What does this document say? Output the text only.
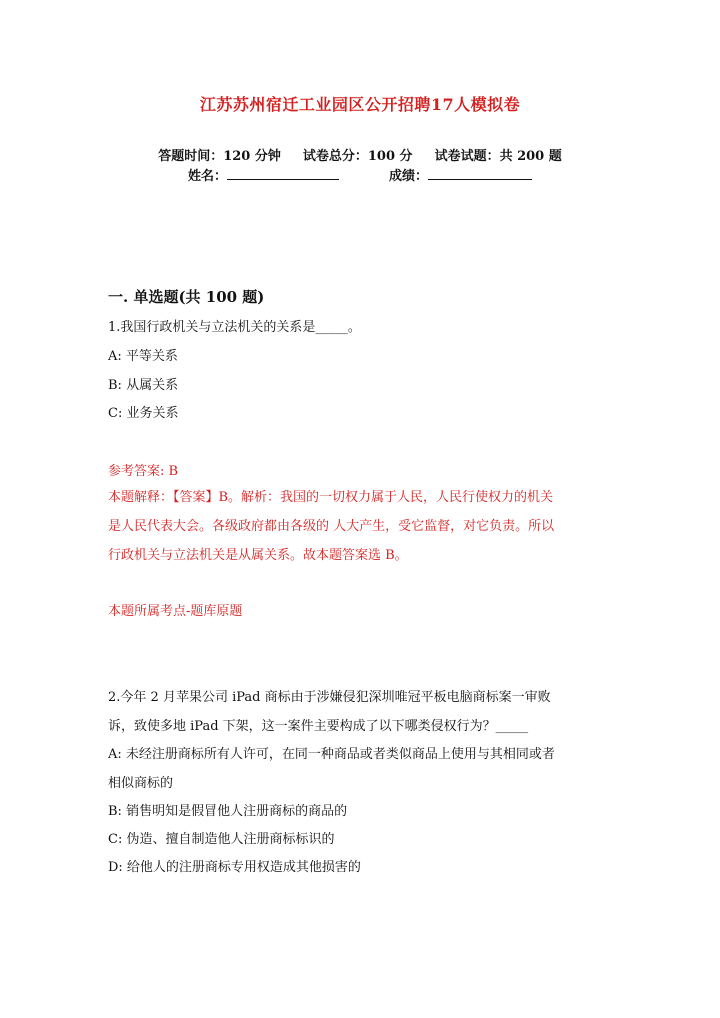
江苏苏州宿迁工业园区公开招聘17人模拟卷
答题时间：120 分钟 试卷总分：100 分 试卷试题：共 200 题
姓名：	成绩：
一. 单选题(共 100 题)
1.我国行政机关与立法机关的关系是_____。
A: 平等关系
B: 从属关系
C: 业务关系
参考答案: B
本题解释：【答案】B。解析：我国的一切权力属于人民，人民行使权力的机关
是人民代表大会。各级政府都由各级的 人大产生，受它监督，对它负责。所以
行政机关与立法机关是从属关系。故本题答案选 B。
本题所属考点-题库原题
2.今年 2 月苹果公司 iPad 商标由于涉嫌侵犯深圳唯冠平板电脑商标案一审败
诉，致使多地 iPad 下架，这一案件主要构成了以下哪类侵权行为？_____
A: 未经注册商标所有人许可，在同一种商品或者类似商品上使用与其相同或者
相似商标的
B: 销售明知是假冒他人注册商标的商品的
C: 伪造、擅自制造他人注册商标标识的
D: 给他人的注册商标专用权造成其他损害的
